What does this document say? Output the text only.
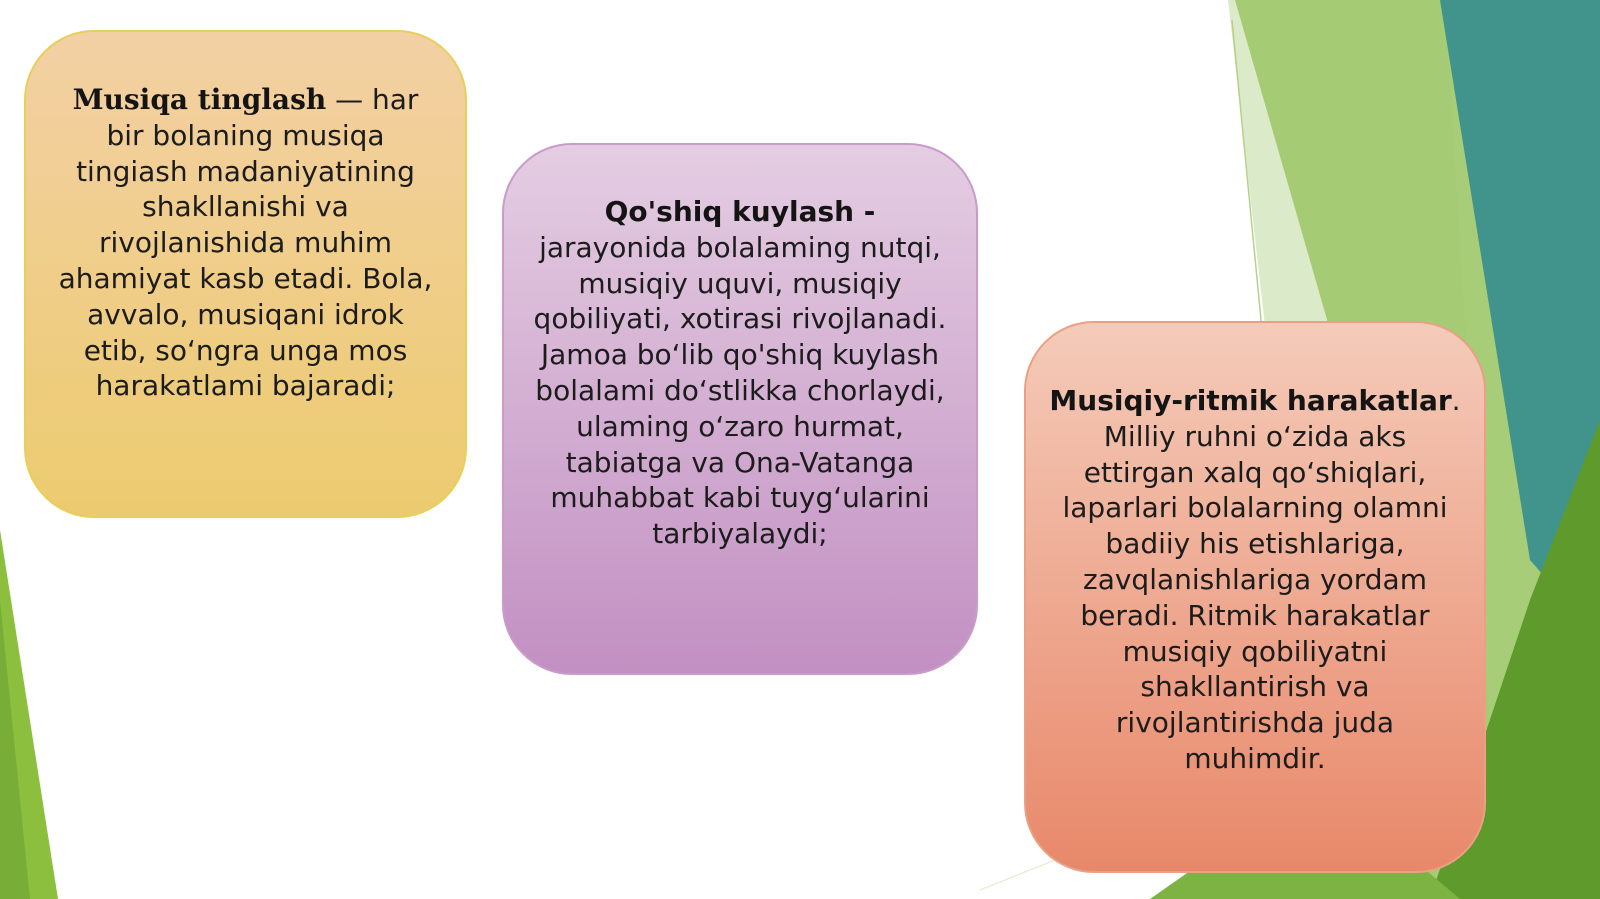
Musiqa tinglash — har bir bolaning musiqa tingiash madaniyatining shakllanishi va rivojlanishida muhim ahamiyat kasb etadi. Bola, avvalo, musiqani idrok etib, so‘ngra unga mos harakatlami bajaradi;
Qo'shiq kuylash -
jarayonida bolalaming nutqi, musiqiy uquvi, musiqiy qobiliyati, xotirasi rivojlanadi. Jamoa bo‘lib qo'shiq kuylash bolalami do‘stlikka chorlaydi, ulaming o‘zaro hurmat, tabiatga va Ona-Vatanga muhabbat kabi tuyg‘ularini tarbiyalaydi;
Musiqiy-ritmik harakatlar. Milliy ruhni o‘zida aks ettirgan xalq qo‘shiqlari, laparlari bolalarning olamni badiiy his etishlariga, zavqlanishlariga yordam beradi. Ritmik harakatlar musiqiy qobiliyatni shakllantirish va rivojlantirishda juda muhimdir.
